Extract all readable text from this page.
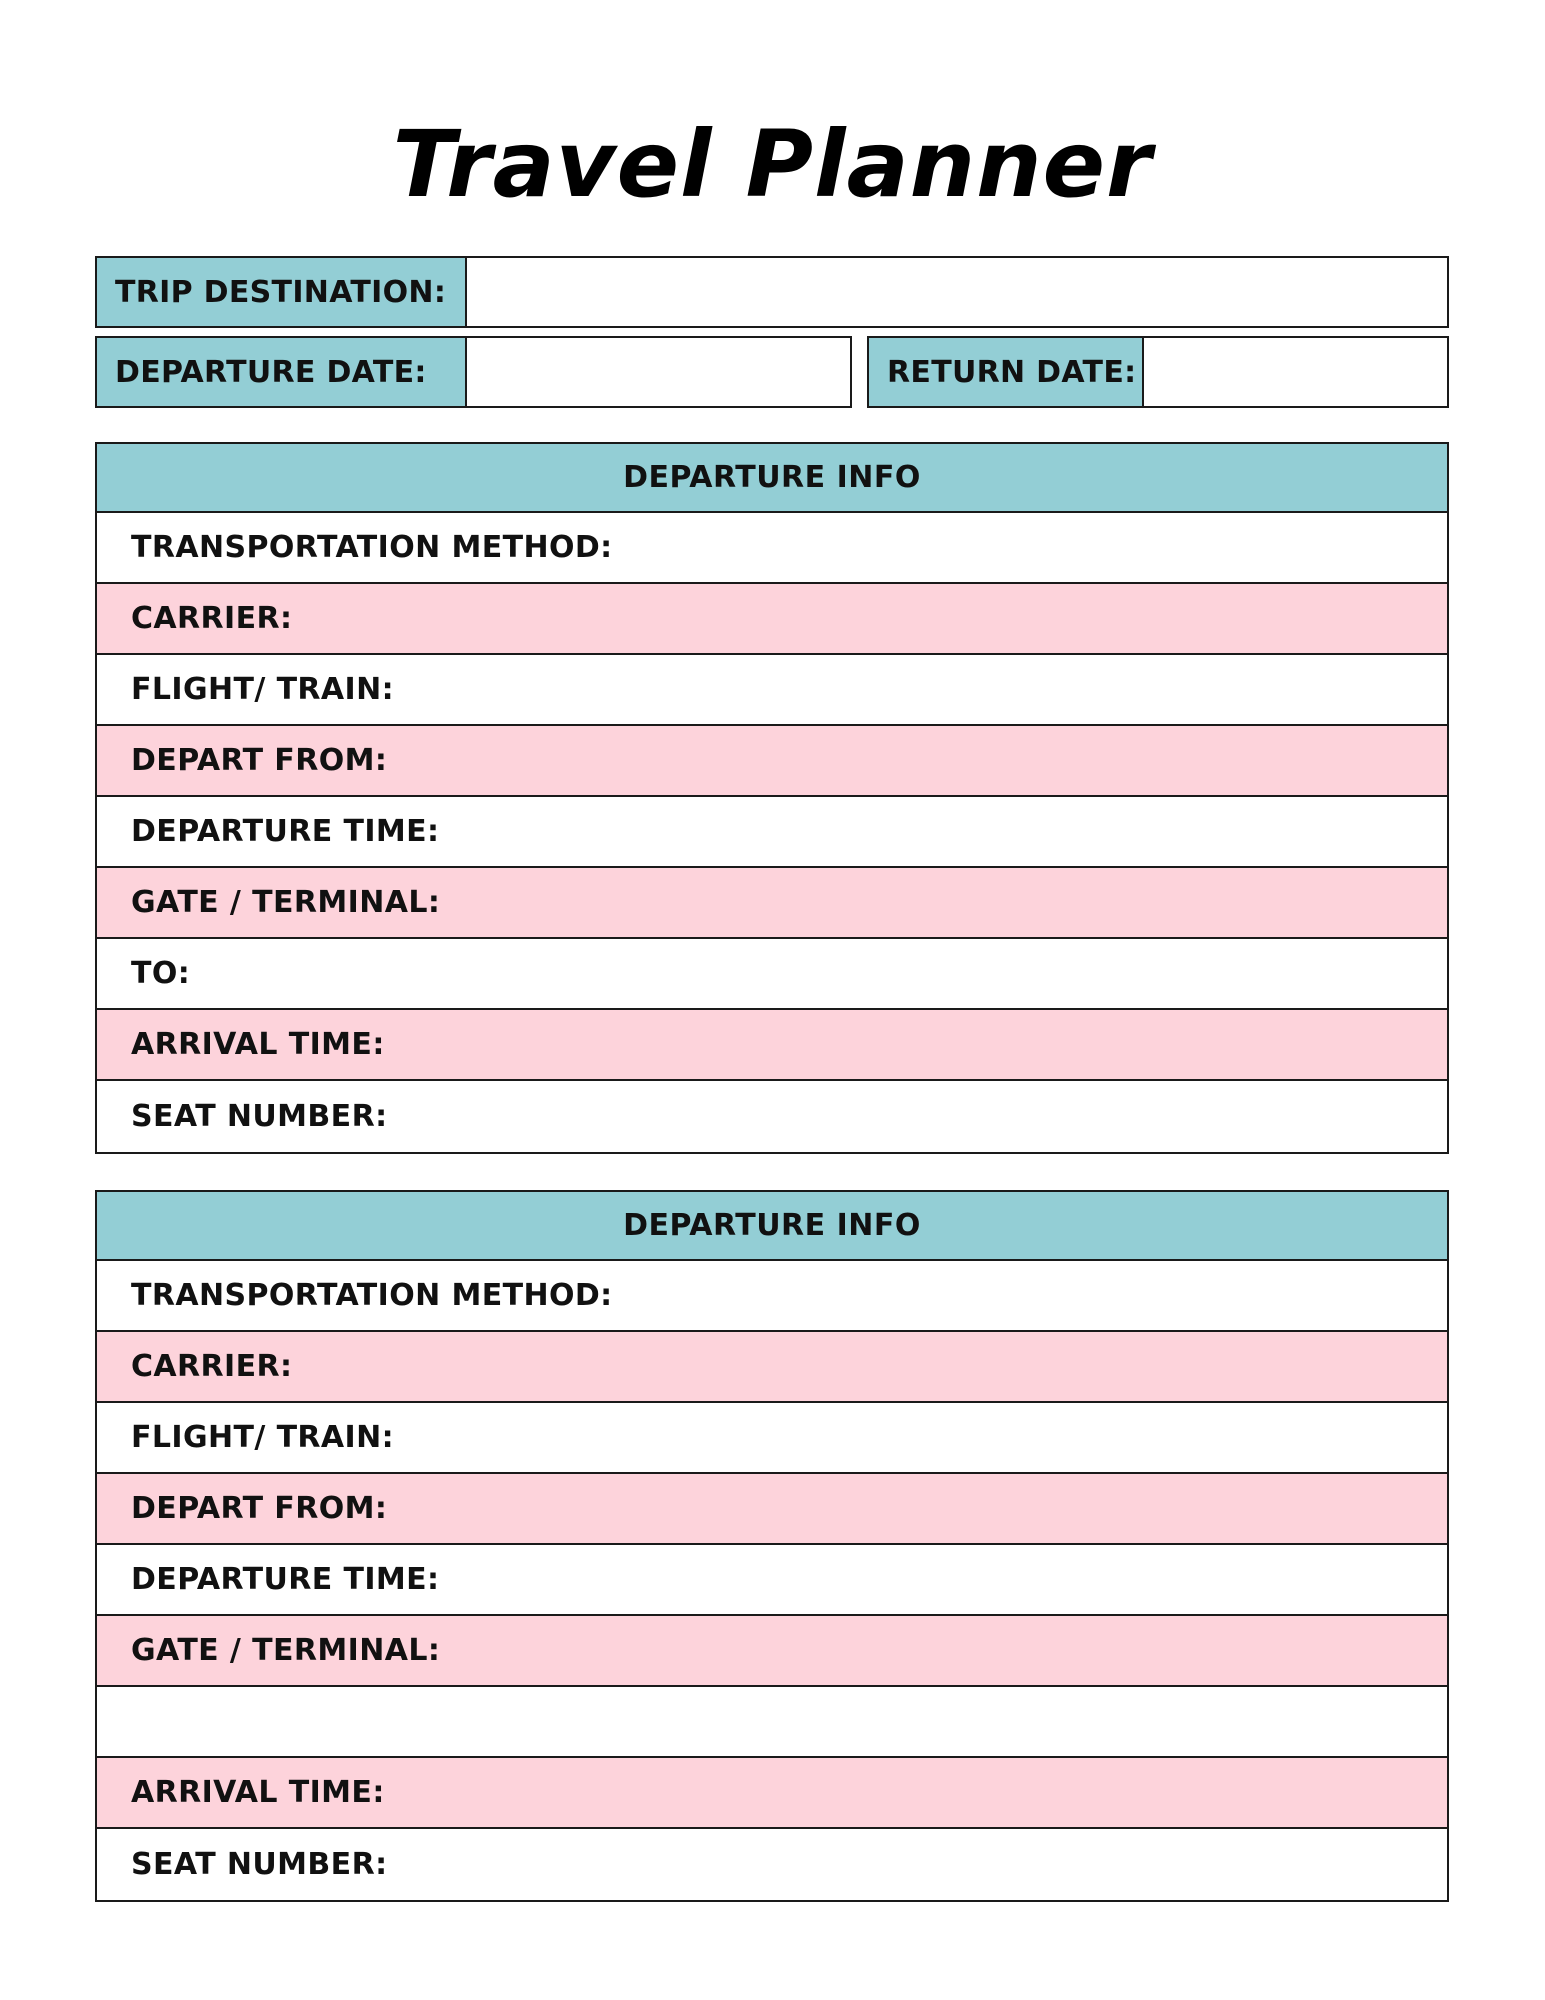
Travel Planner
TRIP DESTINATION:
DEPARTURE DATE:	RETURN DATE:
DEPARTURE INFO
TRANSPORTATION METHOD:
CARRIER:
FLIGHT/ TRAIN:
DEPART FROM:
DEPARTURE TIME:
GATE / TERMINAL:
TO:
ARRIVAL TIME:
SEAT NUMBER:
DEPARTURE INFO
TRANSPORTATION METHOD:
CARRIER:
FLIGHT/ TRAIN:
DEPART FROM:
DEPARTURE TIME:
GATE / TERMINAL:
ARRIVAL TIME:
SEAT NUMBER:
